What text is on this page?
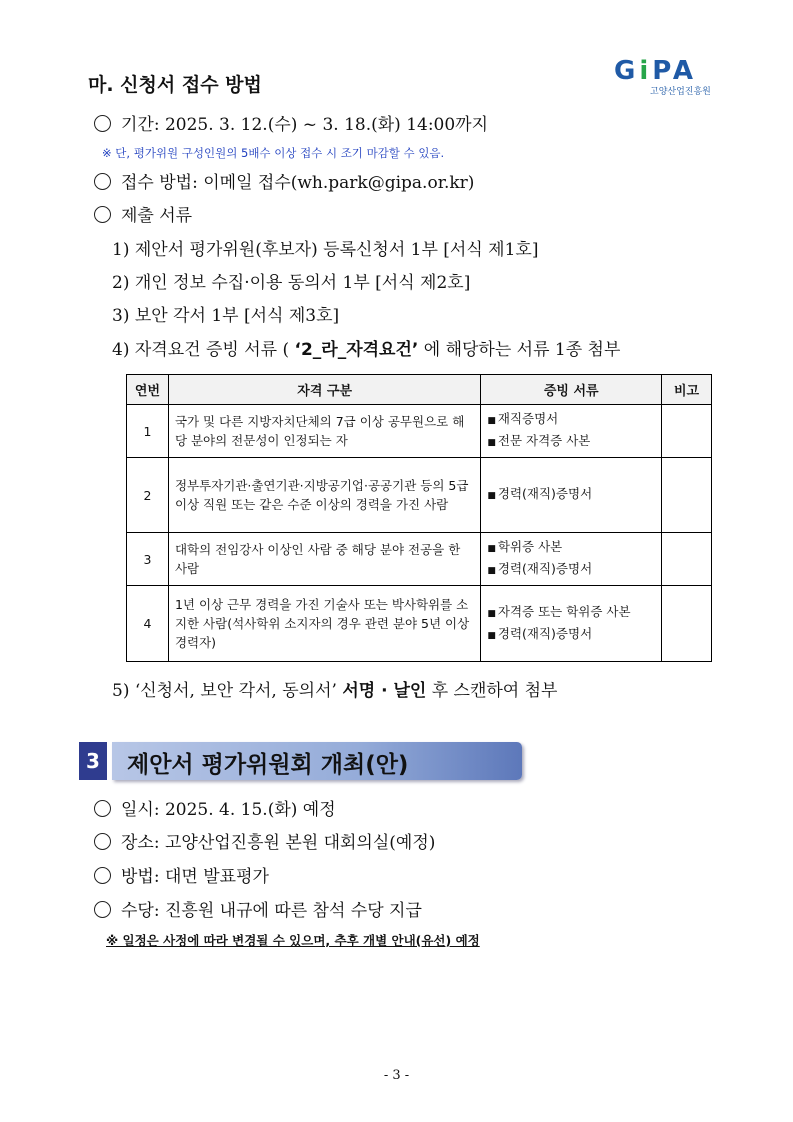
GiPA
고양산업진흥원
마. 신청서 접수 방법
기간: 2025. 3. 12.(수) ~ 3. 18.(화) 14:00까지
※ 단, 평가위원 구성인원의 5배수 이상 접수 시 조기 마감할 수 있음.
접수 방법: 이메일 접수(wh.park@gipa.or.kr)
제출 서류
1) 제안서 평가위원(후보자) 등록신청서 1부 [서식 제1호]
2) 개인 정보 수집·이용 동의서 1부 [서식 제2호]
3) 보안 각서 1부 [서식 제3호]
4) 자격요건 증빙 서류 ( ‘2_라_자격요건’ 에 해당하는 서류 1종 첨부
연번	자격 구분	증빙 서류	비고
1	국가 및 다른 지방자치단체의 7급 이상 공무원으로 해당 분야의 전문성이 인정되는 자	■ 재직증명서
■ 전문 자격증 사본

2	정부투자기관·출연기관·지방공기업·공공기관 등의 5급 이상 직원 또는 같은 수준 이상의 경력을 가진 사람	■ 경력(재직)증명서

3	대학의 전임강사 이상인 사람 중 해당 분야 전공을 한 사람	■ 학위증 사본
■ 경력(재직)증명서

4	1년 이상 근무 경력을 가진 기술사 또는 박사학위를 소지한 사람(석사학위 소지자의 경우 관련 분야 5년 이상 경력자)	■ 자격증 또는 학위증 사본
■ 경력(재직)증명서

5) ‘신청서, 보안 각서, 동의서’ 서명 · 날인 후 스캔하여 첨부
3	제안서 평가위원회 개최(안)
일시: 2025. 4. 15.(화) 예정
장소: 고양산업진흥원 본원 대회의실(예정)
방법: 대면 발표평가
수당: 진흥원 내규에 따른 참석 수당 지급
※ 일정은 사정에 따라 변경될 수 있으며, 추후 개별 안내(유선) 예정
- 3 -
